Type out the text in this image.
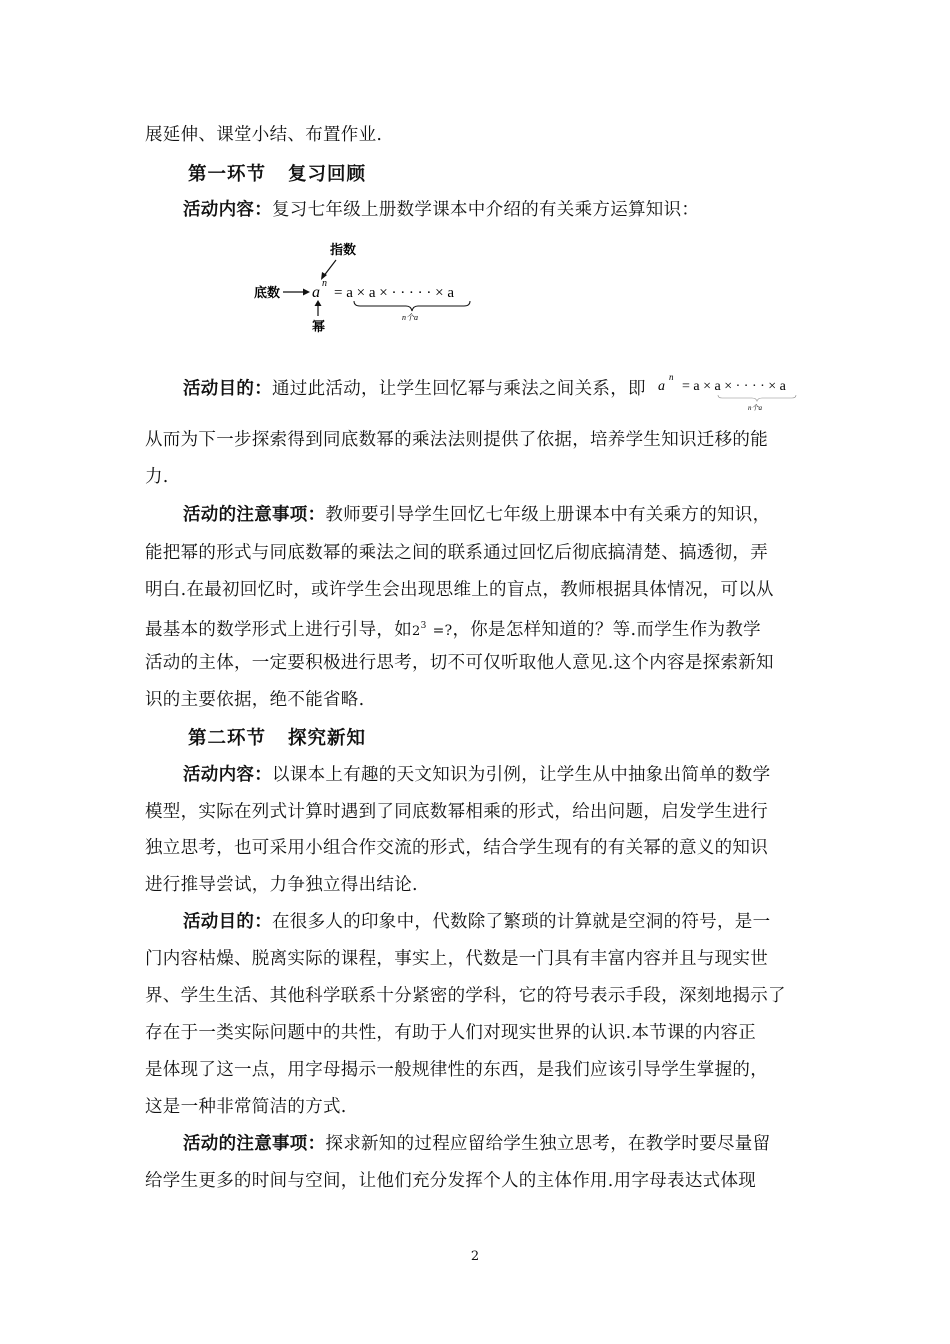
展延伸、课堂小结、布置作业.
第一环节 复习回顾
活动内容：复习七年级上册数学课本中介绍的有关乘方运算知识：
指数
底数 a
n
= a × a × · · · · · × a
幂
n个a
活动目的：通过此活动，让学生回忆幂与乘法之间关系，即 a
n
= a × a × · · · · × a
n个a
从而为下一步探索得到同底数幂的乘法法则提供了依据，培养学生知识迁移的能
力.
活动的注意事项：教师要引导学生回忆七年级上册课本中有关乘方的知识，
能把幂的形式与同底数幂的乘法之间的联系通过回忆后彻底搞清楚、搞透彻，弄
明白.在最初回忆时，或许学生会出现思维上的盲点，教师根据具体情况，可以从
最基本的数学形式上进行引导，如$2^3$ =?，你是怎样知道的？等.而学生作为教学
活动的主体，一定要积极进行思考，切不可仅听取他人意见.这个内容是探索新知
识的主要依据，绝不能省略.
第二环节 探究新知
活动内容：以课本上有趣的天文知识为引例，让学生从中抽象出简单的数学
模型，实际在列式计算时遇到了同底数幂相乘的形式，给出问题，启发学生进行
独立思考，也可采用小组合作交流的形式，结合学生现有的有关幂的意义的知识
进行推导尝试，力争独立得出结论.
活动目的：在很多人的印象中，代数除了繁琐的计算就是空洞的符号，是一
门内容枯燥、脱离实际的课程，事实上，代数是一门具有丰富内容并且与现实世
界、学生生活、其他科学联系十分紧密的学科，它的符号表示手段，深刻地揭示了
存在于一类实际问题中的共性，有助于人们对现实世界的认识.本节课的内容正
是体现了这一点，用字母揭示一般规律性的东西，是我们应该引导学生掌握的，
这是一种非常简洁的方式.
活动的注意事项：探求新知的过程应留给学生独立思考，在教学时要尽量留
给学生更多的时间与空间，让他们充分发挥个人的主体作用.用字母表达式体现
2
